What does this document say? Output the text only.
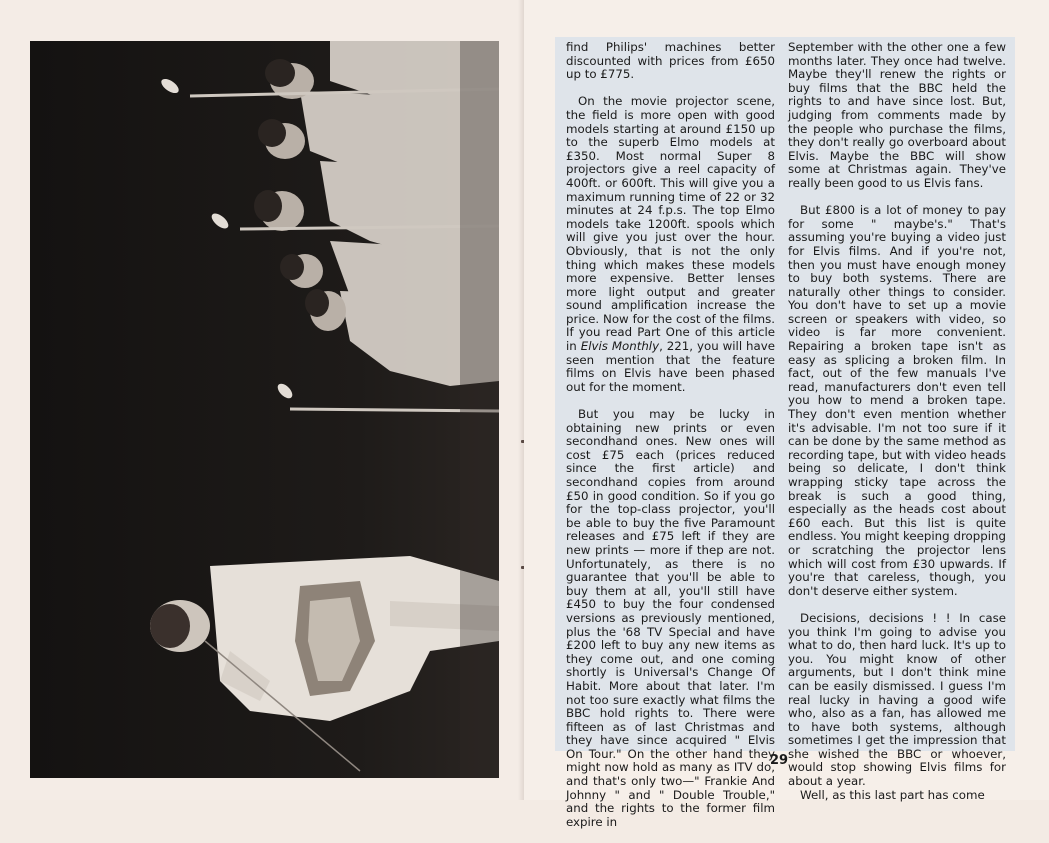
find Philips' machines better discounted with prices from £650 up to £775.

On the movie projector scene, the field is more open with good models starting at around £150 up to the superb Elmo models at £350. Most normal Super 8 projectors give a reel capacity of 400ft. or 600ft. This will give you a maximum running time of 22 or 32 minutes at 24 f.p.s. The top Elmo models take 1200ft. spools which will give you just over the hour. Obviously, that is not the only thing which makes these models more expensive. Better lenses more light output and greater sound amplification increase the price. Now for the cost of the films. If you read Part One of this article in Elvis Monthly, 221, you will have seen mention that the feature films on Elvis have been phased out for the moment.

But you may be lucky in obtaining new prints or even secondhand ones. New ones will cost £75 each (prices reduced since the first article) and secondhand copies from around £50 in good condition. So if you go for the top-class projector, you'll be able to buy the five Paramount releases and £75 left if they are new prints — more if thep are not. Unfortunately, as there is no guarantee that you'll be able to buy them at all, you'll still have £450 to buy the four condensed versions as previously mentioned, plus the '68 TV Special and have £200 left to buy any new items as they come out, and one coming shortly is Universal's Change Of Habit. More about that later. I'm not too sure exactly what films the BBC hold rights to. There were fifteen as of last Christmas and they have since acquired " Elvis On Tour." On the other hand they might now hold as many as ITV do, and that's only two—" Frankie And Johnny " and " Double Trouble," and the rights to the former film expire in

September with the other one a few months later. They once had twelve. Maybe they'll renew the rights or buy films that the BBC held the rights to and have since lost. But, judging from comments made by the people who purchase the films, they don't really go overboard about Elvis. Maybe the BBC will show some at Christmas again. They've really been good to us Elvis fans.

But £800 is a lot of money to pay for some " maybe's." That's assuming you're buying a video just for Elvis films. And if you're not, then you must have enough money to buy both systems. There are naturally other things to consider. You don't have to set up a movie screen or speakers with video, so video is far more convenient. Repairing a broken tape isn't as easy as splicing a broken film. In fact, out of the few manuals I've read, manufacturers don't even tell you how to mend a broken tape. They don't even mention whether it's advisable. I'm not too sure if it can be done by the same method as recording tape, but with video heads being so delicate, I don't think wrapping sticky tape across the break is such a good thing, especially as the heads cost about £60 each. But this list is quite endless. You might keeping dropping or scratching the projector lens which will cost from £30 upwards. If you're that careless, though, you don't deserve either system.

Decisions, decisions ! ! In case you think I'm going to advise you what to do, then hard luck. It's up to you. You might know of other arguments, but I don't think mine can be easily dismissed. I guess I'm real lucky in having a good wife who, also as a fan, has allowed me to have both systems, although sometimes I get the impression that she wished the BBC or whoever, would stop showing Elvis films for about a year.

Well, as this last part has come

29
